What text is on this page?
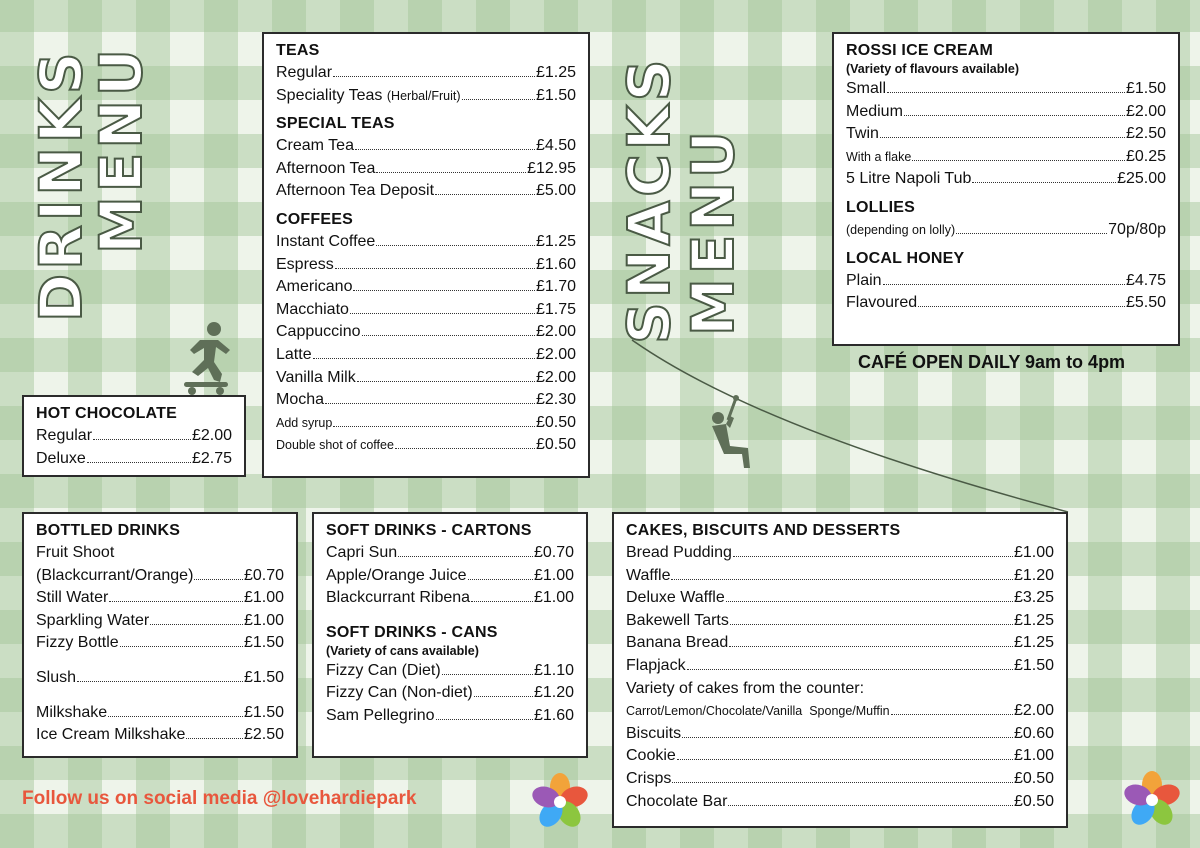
DRINKS
MENU	SNACKS
MENU
TEAS
Regular	£1.25
Speciality Teas (Herbal/Fruit)	£1.50
SPECIAL TEAS
Cream Tea	£4.50
Afternoon Tea	£12.95
Afternoon Tea Deposit	£5.00
COFFEES
Instant Coffee	£1.25
Espress	£1.60
Americano	£1.70
Macchiato	£1.75
Cappuccino	£2.00
Latte	£2.00
Vanilla Milk	£2.00
Mocha	£2.30
Add syrup	£0.50
Double shot of coffee	£0.50
HOT CHOCOLATE
Regular	£2.00
Deluxe	£2.75
BOTTLED DRINKS
Fruit Shoot
(Blackcurrant/Orange)	£0.70
Still Water	£1.00
Sparkling Water	£1.00
Fizzy Bottle	£1.50
Slush	£1.50
Milkshake	£1.50
Ice Cream Milkshake	£2.50
SOFT DRINKS - CARTONS
Capri Sun	£0.70
Apple/Orange Juice	£1.00
Blackcurrant Ribena	£1.00
SOFT DRINKS - CANS
(Variety of cans available)
Fizzy Can (Diet)	£1.10
Fizzy Can (Non-diet)	£1.20
Sam Pellegrino	£1.60
ROSSI ICE CREAM
(Variety of flavours available)
Small	£1.50
Medium	£2.00
Twin	£2.50
With a flake	£0.25
5 Litre Napoli Tub	£25.00
LOLLIES
(depending on lolly)	70p/80p
LOCAL HONEY
Plain	£4.75
Flavoured	£5.50
CAFÉ OPEN DAILY 9am to 4pm
CAKES, BISCUITS AND DESSERTS
Bread Pudding	£1.00
Waffle	£1.20
Deluxe Waffle	£3.25
Bakewell Tarts	£1.25
Banana Bread	£1.25
Flapjack	£1.50
Variety of cakes from the counter:
Carrot/Lemon/Chocolate/Vanilla  Sponge/Muffin	£2.00
Biscuits	£0.60
Cookie	£1.00
Crisps	£0.50
Chocolate Bar	£0.50
Follow us on social media @lovehardiepark
